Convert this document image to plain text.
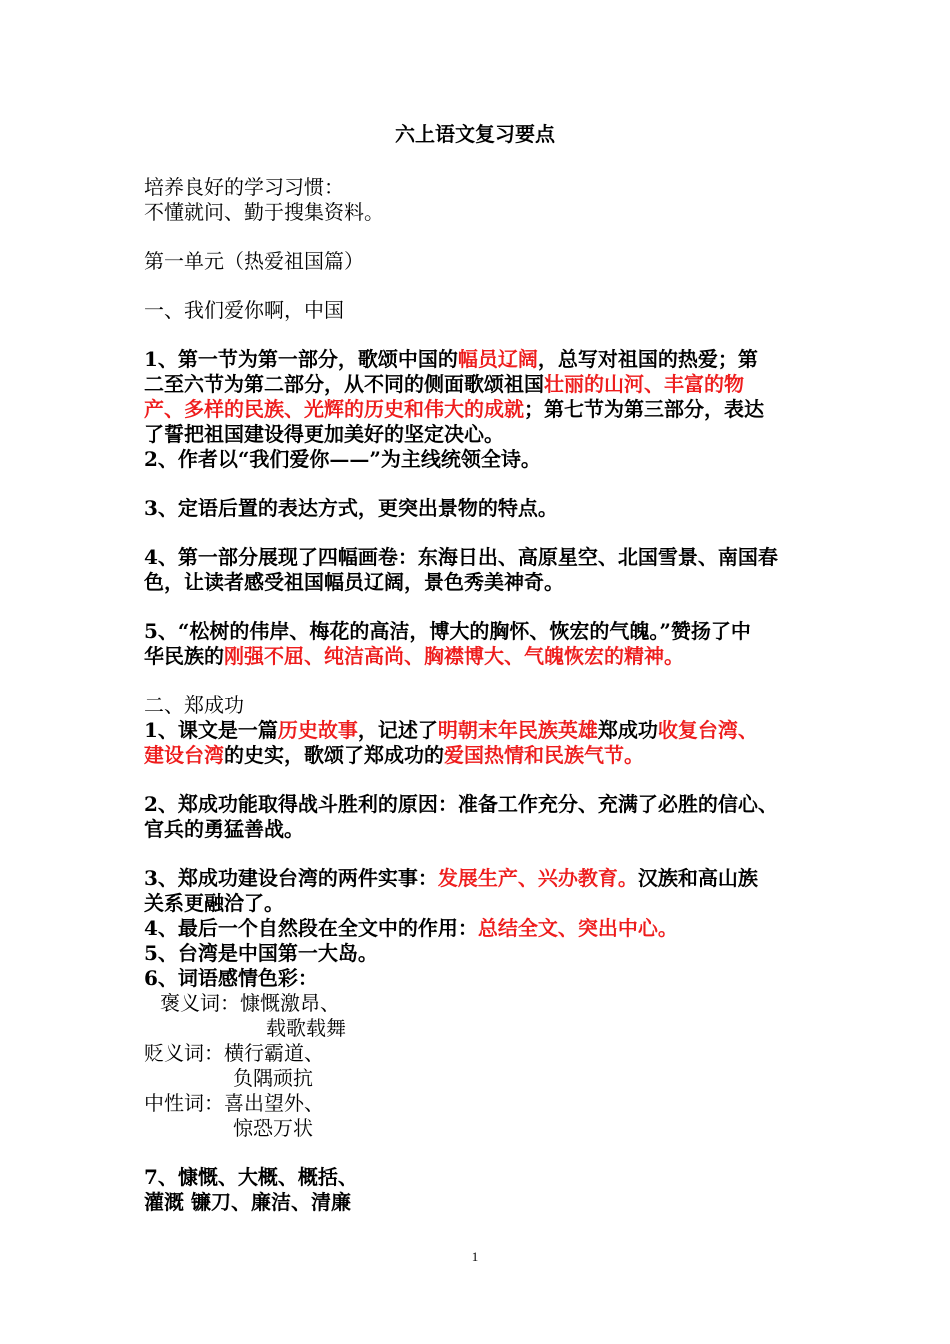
六上语文复习要点

培养良好的学习习惯：

不懂就问、勤于搜集资料。

第一单元（热爱祖国篇）

一、我们爱你啊，中国

1、第一节为第一部分，歌颂中国的幅员辽阔，总写对祖国的热爱；第

二至六节为第二部分，从不同的侧面歌颂祖国壮丽的山河、丰富的物

产、多样的民族、光辉的历史和伟大的成就；第七节为第三部分，表达

了誓把祖国建设得更加美好的坚定决心。

2、作者以“我们爱你——”为主线统领全诗。

3、定语后置的表达方式，更突出景物的特点。

4、第一部分展现了四幅画卷：东海日出、高原星空、北国雪景、南国春

色，让读者感受祖国幅员辽阔，景色秀美神奇。

5、“松树的伟岸、梅花的高洁，博大的胸怀、恢宏的气魄。”赞扬了中

华民族的刚强不屈、纯洁高尚、胸襟博大、气魄恢宏的精神。

二、郑成功

1、课文是一篇历史故事，记述了明朝末年民族英雄郑成功收复台湾、

建设台湾的史实，歌颂了郑成功的爱国热情和民族气节。

2、郑成功能取得战斗胜利的原因：准备工作充分、充满了必胜的信心、

官兵的勇猛善战。

3、郑成功建设台湾的两件实事：发展生产、兴办教育。汉族和高山族

关系更融洽了。

4、最后一个自然段在全文中的作用：总结全文、突出中心。

5、台湾是中国第一大岛。

6、词语感情色彩：

褒义词：慷慨激昂、

载歌载舞

贬义词：横行霸道、

负隅顽抗

中性词：喜出望外、

惊恐万状

7、慷慨、大概、概括、

灌溉 镰刀、廉洁、清廉

1
